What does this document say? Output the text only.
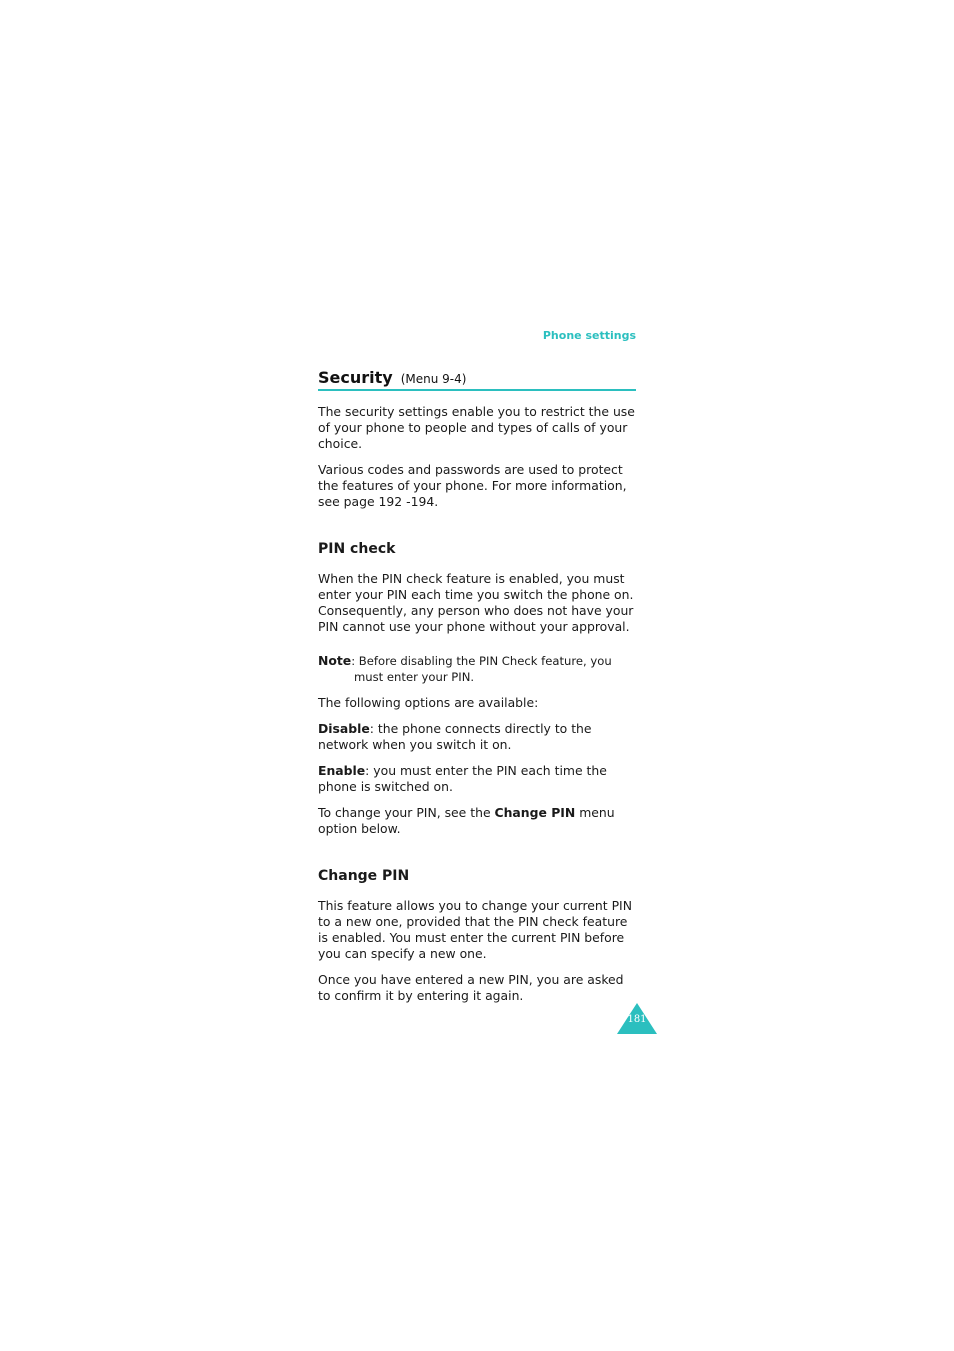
Phone settings
Security (Menu 9-4)

The security settings enable you to restrict the use of your phone to people and types of calls of your choice.

Various codes and passwords are used to protect the features of your phone. For more information, see page 192 -194.

PIN check

When the PIN check feature is enabled, you must enter your PIN each time you switch the phone on. Consequently, any person who does not have your PIN cannot use your phone without your approval.

Note: Before disabling the PIN Check feature, you
must enter your PIN.

The following options are available:

Disable: the phone connects directly to the network when you switch it on.

Enable: you must enter the PIN each time the phone is switched on.

To change your PIN, see the Change PIN menu option below.

Change PIN

This feature allows you to change your current PIN to a new one, provided that the PIN check feature is enabled. You must enter the current PIN before you can specify a new one.

Once you have entered a new PIN, you are asked to confirm it by entering it again.

181
